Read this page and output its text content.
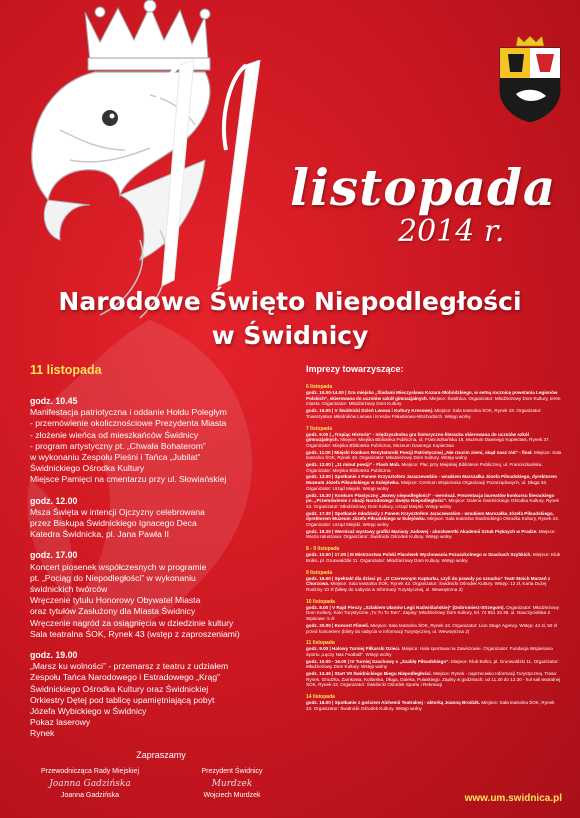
listopada
2014 r.
Narodowe Święto Niepodległości
w Świdnicy
11 listopada
godz. 10.45
Manifestacja patriotyczna i oddanie Hołdu Poległym
- przemówienie okolicznościowe Prezydenta Miasta
- złożenie wieńca od mieszkańców Świdnicy
- program artystyczny pt. „Chwała Bohaterom”
w wykonaniu Zespołu Pieśni i Tańca „Jubilat”
Świdnickiego Ośrodka Kultury
Miejsce Pamięci na cmentarzu przy ul. Słowiańskiej
godz. 12.00
Msza Święta w intencji Ojczyzny celebrowana
przez Biskupa Świdnickiego Ignacego Deca
Katedra Świdnicka, pl. Jana Pawła II
godz. 17.00
Koncert piosenek współczesnych w programie
pt. „Pociąg do Niepodległości” w wykonaniu
świdnickich twórców
Wręczenie tytułu Honorowy Obywatel Miasta
oraz tytułów Zasłużony dla Miasta Świdnicy
Wręczenie nagród za osiągnięcia w dziedzinie kultury
Sala teatralna ŚOK, Rynek 43 (wstęp z zaproszeniami)
godz. 19.00
„Marsz ku wolności” - przemarsz z teatru z udziałem
Zespołu Tańca Narodowego i Estradowego „Krąg”
Świdnickiego Ośrodka Kultury oraz Świdnickiej
Orkiestry Dętej pod tablicę upamiętniającą pobyt
Józefa Wybickiego w Świdnicy
Pokaz laserowy
Rynek
Zapraszamy
Przewodnicząca Rady Miejskiej
Joanna Gadzińska
Joanna Gadzińska
Prezydent Świdnicy
Murdzek
Wojciech Murdzek
Imprezy towarzyszące:
6 listopada
godz. 10.00-14.00 | Gra miejska „Śladami Mieczysława Kozara-Słobódzkiego, w setną rocznicę powstania Legionów Polskich”, skierowana do uczniów szkół gimnazjalnych. Miejsce: Świdnica. Organizator: Młodzieżowy Dom Kultury, teren miasta. Organizator: Młodzieżowy Dom Kultury
godz. 16.00 | V Świdnicki Dzień Lwowa i Kultury Kresowej. Miejsce: Sala teatralna ŚOK, Rynek 43. Organizator: Towarzystwo Miłośników Lwowa i Kresów Południowo-Wschodnich. Wstęp wolny
7 listopada
godz. 9.00 | „Tropiąc Historię” - międzyszkolna gra historyczno-literacka skierowana do uczniów szkół gimnazjalnych. Miejsce: Miejska Biblioteka Publiczna, ul. Franciszkańska 18, Muzeum Dawnego Kupiectwa, Rynek 37. Organizator: Miejska Biblioteka Publiczna, Muzeum Dawnego Kupiectwa
godz. 11.00 | Miejski Konkurs Recytatorski Poezji Patriotycznej „Nie rzucim ziemi, skąd nasz ród” - finał. Miejsce: Sala teatralna ŚOK, Rynek 43. Organizator: Młodzieżowy Dom Kultury. Wstęp wolny
godz. 12.00 | „11 minut poezji” - Flash Mob. Miejsce: Plac przy Miejskiej Bibliotece Publicznej, ul. Franciszkańska. Organizator: Miejska Biblioteka Publiczna
godz. 13.00 | Spotkanie z Panem Krzysztofem Jaraczewskim - wnukiem Marszałka Józefa Piłsudskiego, dyrektorem Muzeum Józefa Piłsudskiego w Sulejówku. Miejsce: Centrum Wspierania Organizacji Pozarządowych, ul. Długa 33. Organizator: Urząd Miejski. Wstęp wolny
godz. 16.30 | Konkurs Plastyczny „Barwy niepodległości” - wernisaż. Prezentacja laureatów konkursu literackiego pn. „Przemówienie z okazji Narodowego Święta Niepodległości”. Miejsce: Galeria Świdnickiego Ośrodka Kultury, Rynek 43. Organizator: Młodzieżowy Dom Kultury, Urząd Miejski. Wstęp wolny
godz. 17.30 | Spotkanie młodzieży z Panem Krzysztofem Jaraczewskim - wnukiem Marszałka Józefa Piłsudskiego, dyrektorem Muzeum Józefa Piłsudskiego w Sulejówku. Miejsce: Sala teatralna Świdnickiego Ośrodka Kultury, Rynek 43. Organizator: Urząd Miejski. Wstęp wolny
godz. 18.30 | Wernisaż wystawy grafiki Mariany Judowej - absolwentki Akademii Sztuk Pięknych w Pradze. Miejsce: Wieża ratuszowa. Organizator: Świdnicki Ośrodek Kultury. Wstęp wolny
8 - 9 listopada
godz. 10.00 | 17.00 | III Mistrzostwa Polski Placówek Wychowania Pozaszkolnego w Szachach Szybkich. Miejsce: Klub Bolko, pl. Grunwaldzki 11. Organizator: Młodzieżowy Dom Kultury. Wstęp wolny
9 listopada
godz. 16.00 | Spektakl dla dzieci pt. „O Czerwonym Kapturku, czyli do prawdy po sznurku” Teatr Moich Marzeń z Chorzowa. Miejsce: Sala teatralna ŚOK, Rynek 43. Organizator: Świdnicki Ośrodek Kultury. Wstęp: 12 zł, Karta Dużej Rodziny 10 zł (bilety do nabycia w Informacji Turystycznej, ul. Wewnętrzna 2)
10 listopada
godz. 8.00 | V Rajd Pieszy „Szlakiem Ułanów Legii Nadwiślańskiej” (Dobromierz-Strzegom). Organizator: Młodzieżowy Dom Kultury, Koło Turystyczne „Tu Tu To Tam”. Zapisy: Młodzieżowy Dom Kultury, tel. 74 851 33 38, ul. Nauczycielska 2. Wpisowe: 5 zł
godz. 20.00 | Koncert Flimeli. Miejsce: Sala teatralna ŚOK, Rynek 43. Organizator: Lion Stage Agency. Wstęp: 44 zł, 50 zł przed koncertem (bilety do nabycia w Informacji Turystycznej, ul. Wewnętrzna 2)
11 listopada
godz. 9.00 | Halowy Turniej Piłkarski Dzieci. Miejsce: Hala sportowa na Zawiszowie. Organizator: Fundacja Wspierania Sportu „Łączy Nas Football”. Wstęp wolny
godz. 10.00 - 16.00 | IV Turniej Szachowy o „Szablę Piłsudskiego”. Miejsce: Klub Bolko, pl. Grunwaldzki 11. Organizator: Młodzieżowy Dom Kultury. Wstęp wolny
godz. 13.45 | Start VII Świdnickiego Biegu Niepodległości. Miejsce: Rynek - naprzeciwko Informacji Turystycznej. Trasa: Rynek, Grodzka, Zamkowa, Kotlarska, Długa, Daleka, Pułaskiego. Zapisy w godzinach: od 11.30 do 13.30 - hol sali teatralnej ŚOK, Rynek 43. Organizator: Świdnicki Ośrodek Sportu i Rekreacji
14 listopada
godz. 18.00 | Spotkanie z gościem Alchemii Teatralnej - aktorką Joanną Brodzik. Miejsce: Sala teatralna ŚOK, Rynek 43. Organizator: Świdnicki Ośrodek Kultury. Wstęp wolny
www.um.swidnica.pl
